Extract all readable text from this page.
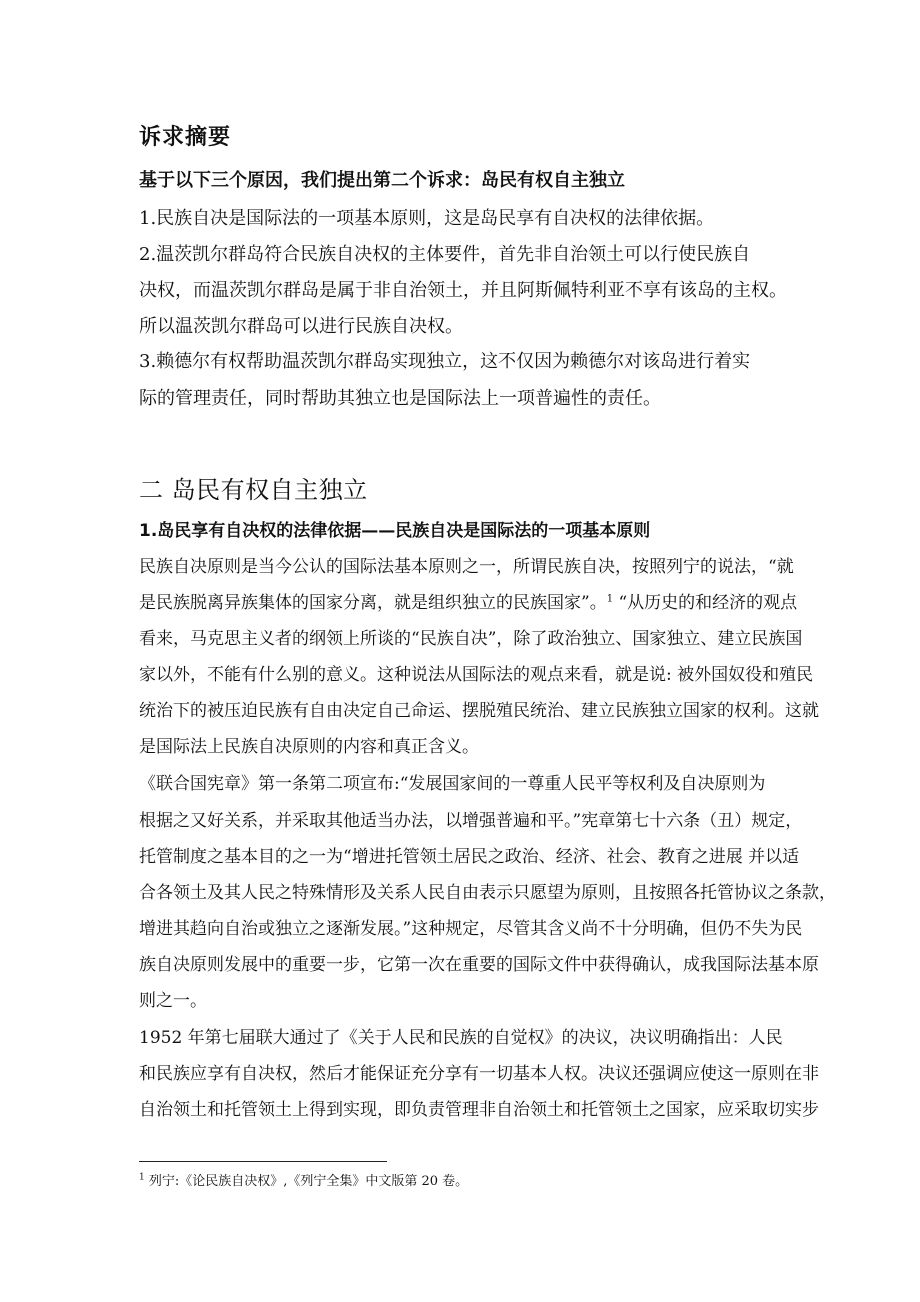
诉求摘要
基于以下三个原因，我们提出第二个诉求：岛民有权自主独立
1.民族自决是国际法的一项基本原则，这是岛民享有自决权的法律依据。
2.温茨凯尔群岛符合民族自决权的主体要件，首先非自治领土可以行使民族自
决权，而温茨凯尔群岛是属于非自治领土，并且阿斯佩特利亚不享有该岛的主权。
所以温茨凯尔群岛可以进行民族自决权。
3.赖德尔有权帮助温茨凯尔群岛实现独立，这不仅因为赖德尔对该岛进行着实
际的管理责任，同时帮助其独立也是国际法上一项普遍性的责任。
二 岛民有权自主独立
1.岛民享有自决权的法律依据——民族自决是国际法的一项基本原则
民族自决原则是当今公认的国际法基本原则之一，所谓民族自决，按照列宁的说法，“就
是民族脱离异族集体的国家分离，就是组织独立的民族国家”。$^1$ “从历史的和经济的观点
看来，马克思主义者的纲领上所谈的“民族自决”，除了政治独立、国家独立、建立民族国
家以外，不能有什么别的意义。这种说法从国际法的观点来看，就是说: 被外国奴役和殖民
统治下的被压迫民族有自由决定自己命运、摆脱殖民统治、建立民族独立国家的权利。这就
是国际法上民族自决原则的内容和真正含义。
《联合国宪章》第一条第二项宣布:“发展国家间的一尊重人民平等权利及自决原则为
根据之又好关系，并采取其他适当办法，以增强普遍和平。”宪章第七十六条（丑）规定，
托管制度之基本目的之一为“增进托管领土居民之政治、经济、社会、教育之进展 并以适
合各领土及其人民之特殊情形及关系人民自由表示只愿望为原则，且按照各托管协议之条款，
增进其趋向自治或独立之逐渐发展。”这种规定，尽管其含义尚不十分明确，但仍不失为民
族自决原则发展中的重要一步，它第一次在重要的国际文件中获得确认，成我国际法基本原
则之一。
1952 年第七届联大通过了《关于人民和民族的自觉权》的决议，决议明确指出：人民
和民族应享有自决权，然后才能保证充分享有一切基本人权。决议还强调应使这一原则在非
自治领土和托管领土上得到实现，即负责管理非自治领土和托管领土之国家，应采取切实步
$^1$ 列宁:《论民族自决权》,《列宁全集》中文版第 20 卷。
